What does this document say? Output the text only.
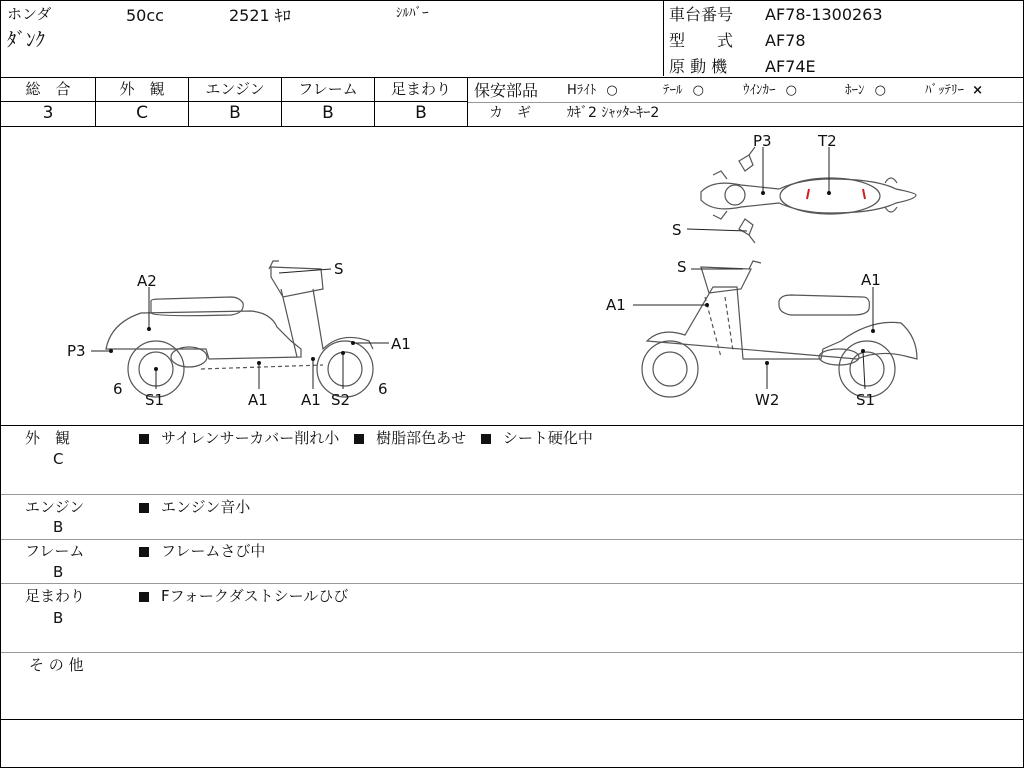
ホンダ	50cc	2521 ｷﾛ	ｼﾙﾊﾞｰ
ﾀﾞﾝｸ
車台番号 AF78-1300263
型　　式 AF78
原 動 機 AF74E
総　合	外　観	エンジン	フレーム	足まわり
3	C	B	B	B
保安部品 Hﾗｲﾄ ○	ﾃｰﾙ ○	ｳｲﾝｶｰ ○	ﾎｰﾝ ○	ﾊﾞｯﾃﾘｰ ×
カ　ギ	ｶｷﾞ2 ｼｬｯﾀｰｷｰ2
P3	T2
S
S
A2
P3	A1
6
S1	A1 A1 S2
6
S
A1
A1
W2	S1
外　観
C
サイレンサーカバー削れ小 樹脂部色あせ シート硬化中
エンジン
B
エンジン音小
フレーム
B
フレームさび中
足まわり
B
Fフォークダストシールひび
そ の 他
